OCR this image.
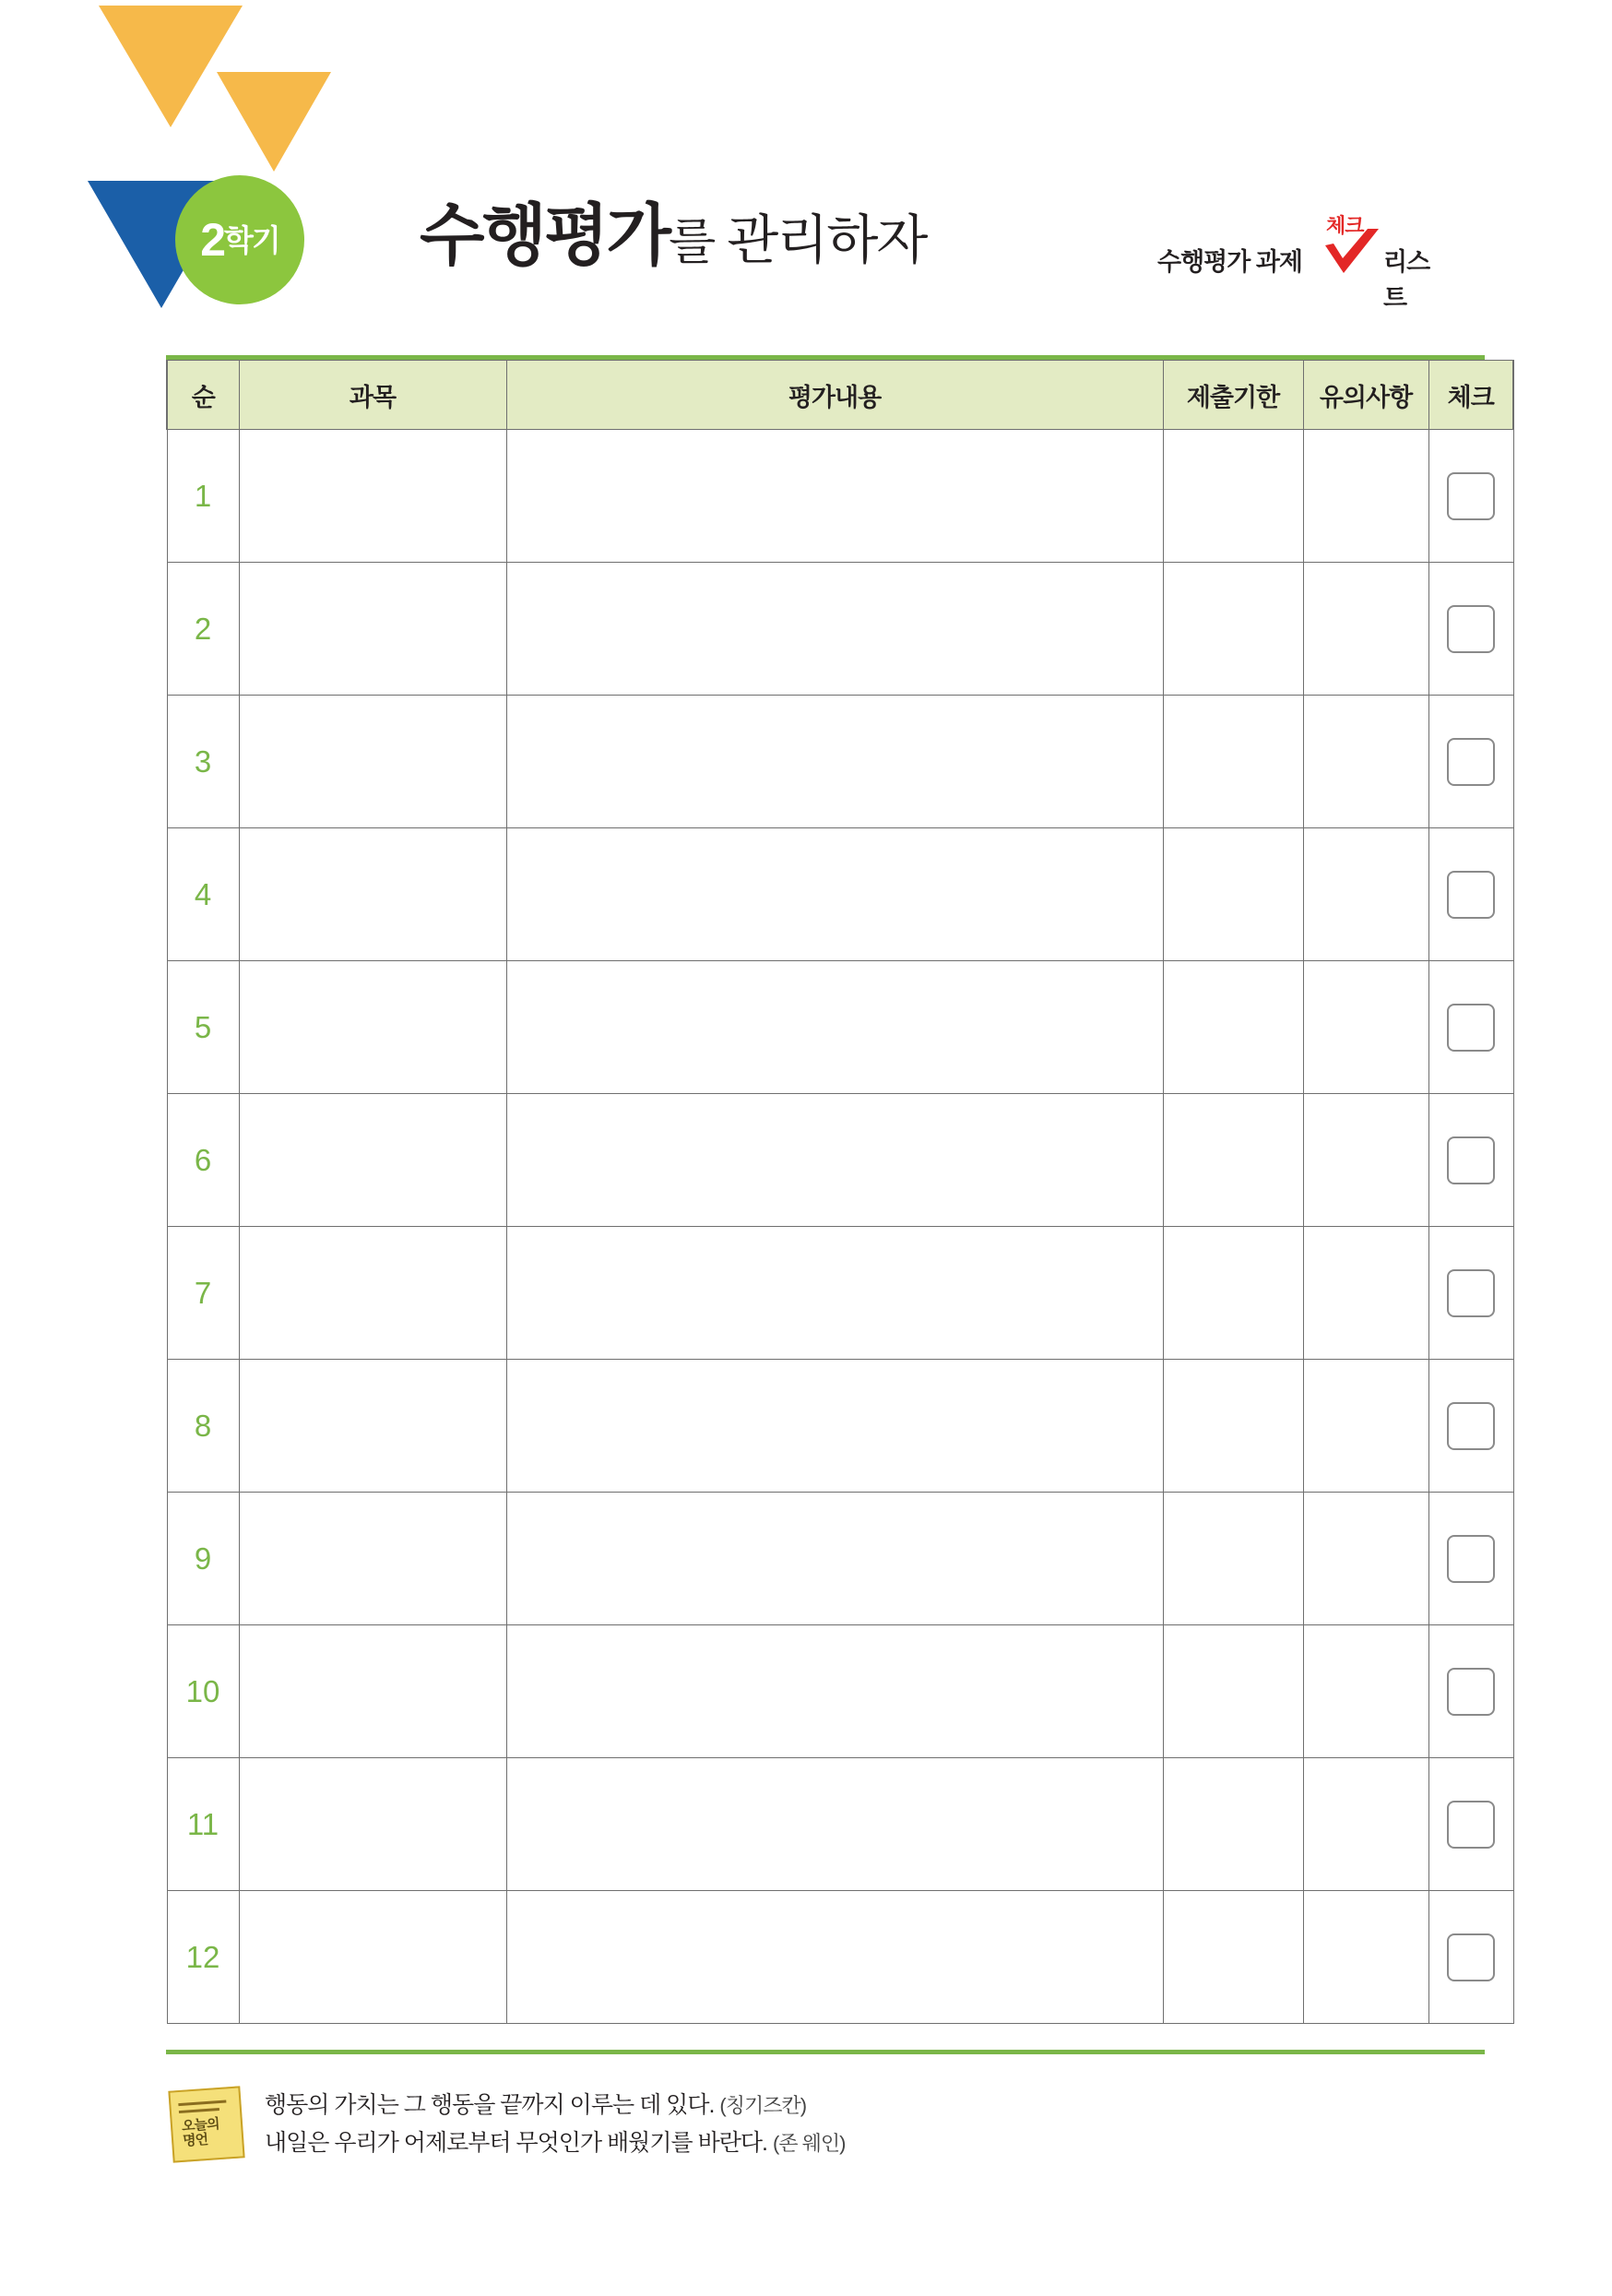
2 학기 수행평가 를 관리하자	체크
수행평가 과제	리스트
순	과목	평가내용	제출기한	유의사항	체크
1					

2					

3					

4					

5					

6					

7					

8					

9					

10					

11					

12					
오늘의
명언
행동의 가치는 그 행동을 끝까지 이루는 데 있다. (칭기즈칸)
내일은 우리가 어제로부터 무엇인가 배웠기를 바란다. (존 웨인)
